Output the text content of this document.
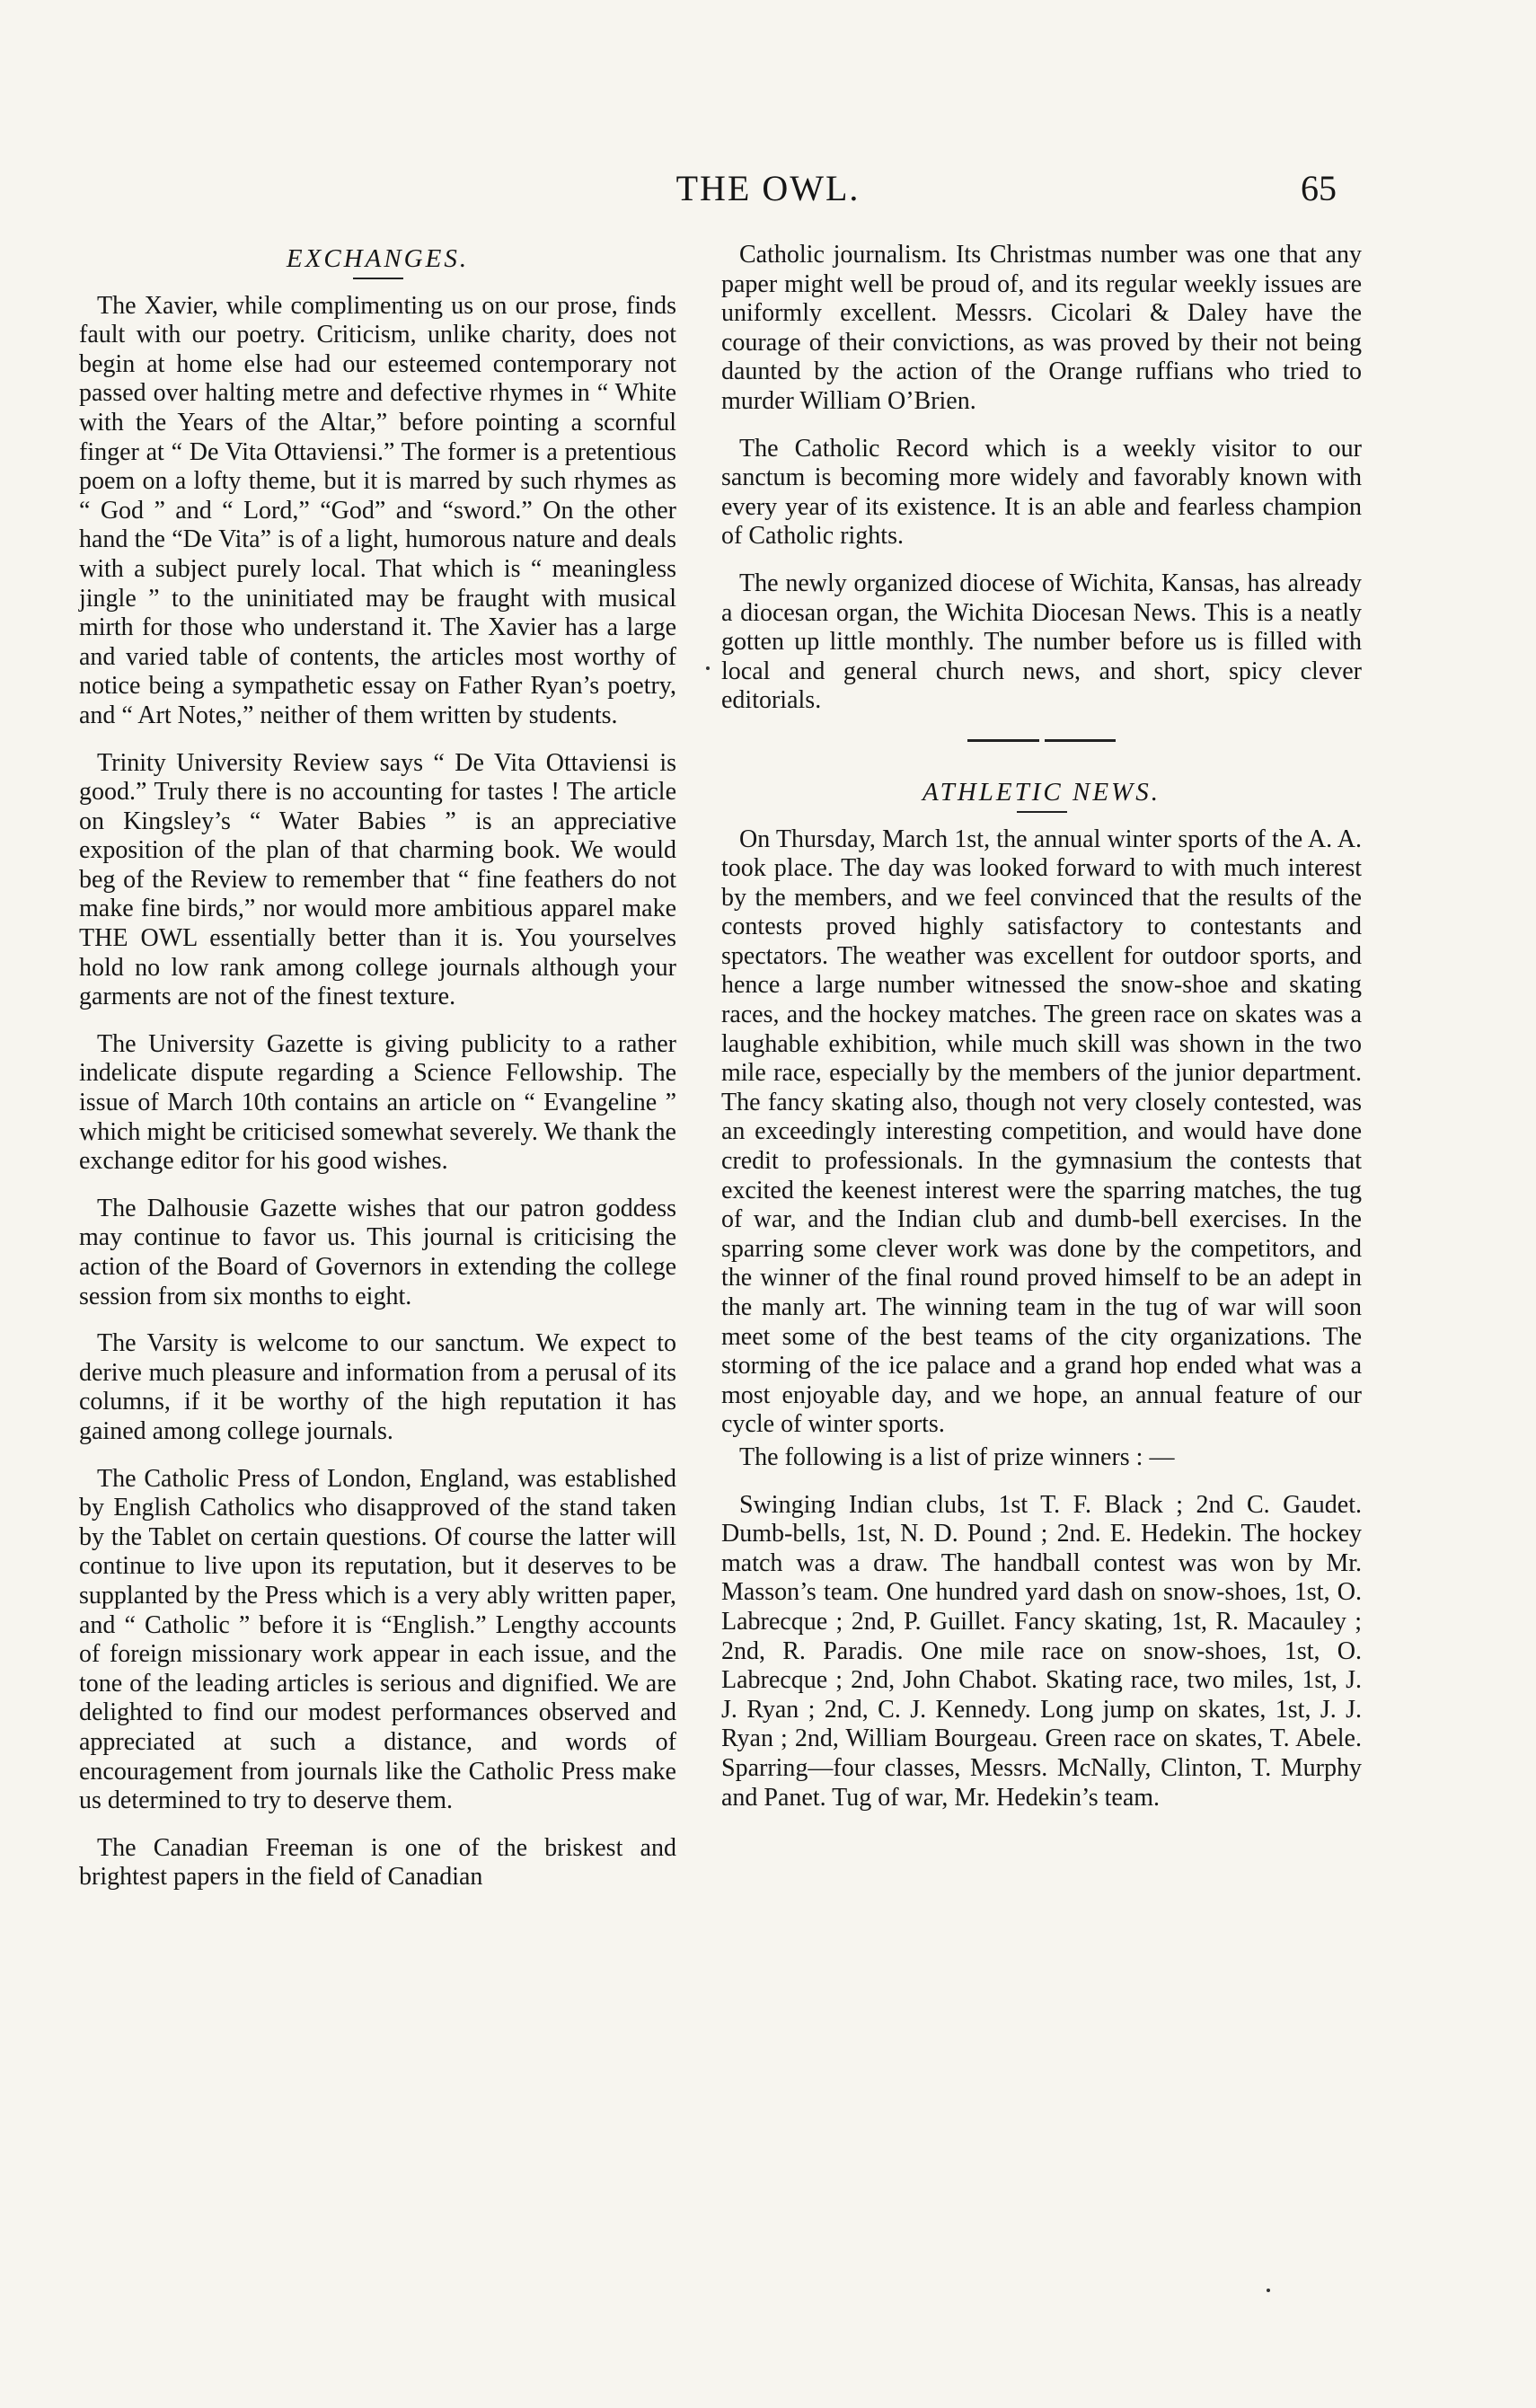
THE OWL.	65
EXCHANGES.

The Xavier, while complimenting us on our prose, finds fault with our poetry. Criticism, unlike charity, does not begin at home else had our esteemed contemporary not passed over halting metre and defective rhymes in “ White with the Years of the Altar,” before pointing a scornful finger at “ De Vita Ottaviensi.” The former is a pretentious poem on a lofty theme, but it is marred by such rhymes as “ God ” and “ Lord,” “God” and “sword.” On the other hand the “De Vita” is of a light, humorous nature and deals with a subject purely local. That which is “ meaningless jingle ” to the uninitiated may be fraught with musical mirth for those who understand it. The Xavier has a large and varied table of contents, the articles most worthy of notice being a sympathetic essay on Father Ryan’s poetry, and “ Art Notes,” neither of them written by students.

Trinity University Review says “ De Vita Ottaviensi is good.” Truly there is no accounting for tastes ! The article on Kingsley’s “ Water Babies ” is an appreciative exposition of the plan of that charming book. We would beg of the Review to remember that “ fine feathers do not make fine birds,” nor would more ambitious apparel make THE OWL essentially better than it is. You yourselves hold no low rank among college journals although your garments are not of the finest texture.

The University Gazette is giving publicity to a rather indelicate dispute regarding a Science Fellowship. The issue of March 10th contains an article on “ Evangeline ” which might be criticised somewhat severely. We thank the exchange editor for his good wishes.

The Dalhousie Gazette wishes that our patron goddess may continue to favor us. This journal is criticising the action of the Board of Governors in extending the college session from six months to eight.

The Varsity is welcome to our sanctum. We expect to derive much pleasure and information from a perusal of its columns, if it be worthy of the high reputation it has gained among college journals.

The Catholic Press of London, England, was established by English Catholics who disapproved of the stand taken by the Tablet on certain questions. Of course the latter will continue to live upon its reputation, but it deserves to be supplanted by the Press which is a very ably written paper, and “ Catholic ” before it is “English.” Lengthy accounts of foreign missionary work appear in each issue, and the tone of the leading articles is serious and dignified. We are delighted to find our modest performances observed and appreciated at such a distance, and words of encouragement from journals like the Catholic Press make us determined to try to deserve them.

The Canadian Freeman is one of the briskest and brightest papers in the field of Canadian

Catholic journalism. Its Christmas number was one that any paper might well be proud of, and its regular weekly issues are uniformly excellent. Messrs. Cicolari & Daley have the courage of their convictions, as was proved by their not being daunted by the action of the Orange ruffians who tried to murder William O’Brien.

The Catholic Record which is a weekly visitor to our sanctum is becoming more widely and favorably known with every year of its existence. It is an able and fearless champion of Catholic rights.

The newly organized diocese of Wichita, Kansas, has already a diocesan organ, the Wichita Diocesan News. This is a neatly gotten up little monthly. The number before us is filled with local and general church news, and short, spicy clever editorials.

ATHLETIC NEWS.

On Thursday, March 1st, the annual winter sports of the A. A. took place. The day was looked forward to with much interest by the members, and we feel convinced that the results of the contests proved highly satisfactory to contestants and spectators. The weather was excellent for outdoor sports, and hence a large number witnessed the snow-shoe and skating races, and the hockey matches. The green race on skates was a laughable exhibition, while much skill was shown in the two mile race, especially by the members of the junior department. The fancy skating also, though not very closely contested, was an exceedingly interesting competition, and would have done credit to professionals. In the gymnasium the contests that excited the keenest interest were the sparring matches, the tug of war, and the Indian club and dumb-bell exercises. In the sparring some clever work was done by the competitors, and the winner of the final round proved himself to be an adept in the manly art. The winning team in the tug of war will soon meet some of the best teams of the city organizations. The storming of the ice palace and a grand hop ended what was a most enjoyable day, and we hope, an annual feature of our cycle of winter sports.

The following is a list of prize winners : —

Swinging Indian clubs, 1st T. F. Black ; 2nd C. Gaudet. Dumb-bells, 1st, N. D. Pound ; 2nd. E. Hedekin. The hockey match was a draw. The handball contest was won by Mr. Masson’s team. One hundred yard dash on snow-shoes, 1st, O. Labrecque ; 2nd, P. Guillet. Fancy skating, 1st, R. Macauley ; 2nd, R. Paradis. One mile race on snow-shoes, 1st, O. Labrecque ; 2nd, John Chabot. Skating race, two miles, 1st, J. J. Ryan ; 2nd, C. J. Kennedy. Long jump on skates, 1st, J. J. Ryan ; 2nd, William Bourgeau. Green race on skates, T. Abele. Sparring—four classes, Messrs. McNally, Clinton, T. Murphy and Panet. Tug of war, Mr. Hedekin’s team.
